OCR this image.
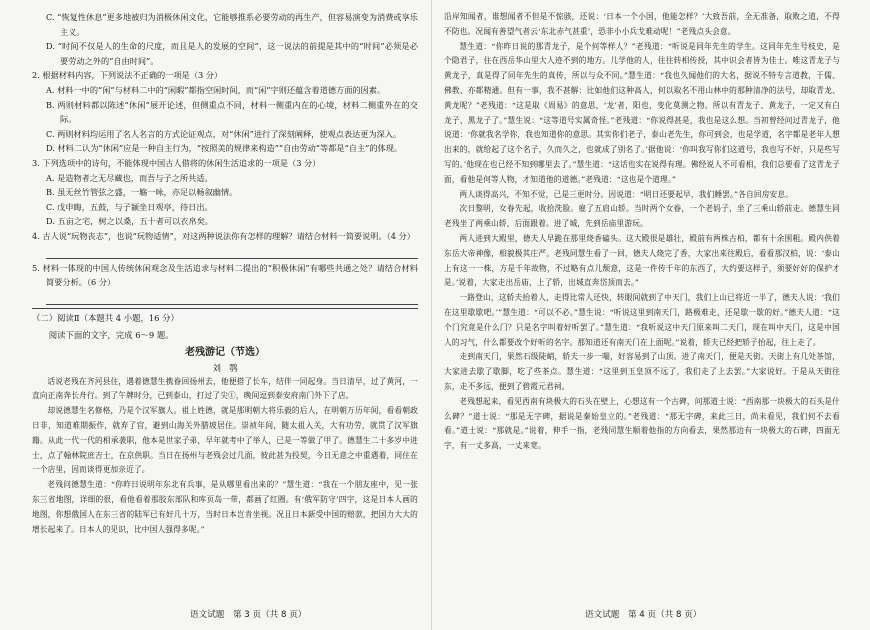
C. “恢复性休息”更多地被归为消极休闲文化，它能够推系必要劳动的再生产，但容易演变为消费或享乐主义。

D. “时间不仅是人的生命的尺度，而且是人的发展的空间”，这一说法的前提是其中的“时间”必须是必要劳动之外的“自由时间”。

2. 根据材料内容，下列说法不正确的一项是（3 分）

A. 材料一中的“闲”与材料二中的“闲暇”都指空闲时间，而“闲”字则还蕴含着道德方面的因素。

B. 两则材料都以陈述“休闲”展开论述，但侧重点不同，材料一侧重内在的心境，材料二侧重外在的交际。

C. 两则材料均运用了名人名言的方式论证观点，对“休闲”进行了深刻阐释，使观点表达更为深入。

D. 材料二认为“休闲”应是一种自主行为，“按照美的规律来构造”“自由劳动”等都是“自主”的体现。

3. 下列选项中的诗句，不能体现中国古人借将的休闲生活追求的一项是（3 分）

A. 是造物者之无尽藏也，而吾与子之所共适。

B. 虽无丝竹管弦之盛，一觞一咏，亦足以畅叙幽情。

C. 戊申晦，五鼓，与子颍坐日观亭，待日出。

D. 五亩之宅，树之以桑，五十者可以衣帛矣。

4. 古人说“玩物丧志”，也说“玩物适情”，对这两种说法你有怎样的理解？请结合材料一简要说明。（4 分）

5. 材料一体现的中国人传统休闲观念及生活追求与材料二提出的“积极休闲”有哪些共通之处？请结合材料简要分析。（6 分）

（二）阅读Ⅱ（本题共 4 小题，16 分）

阅读下面的文字，完成 6～9 题。

老残游记（节选）

刘　鹗

话说老残在齐河县住，遇着德慧生携眷回扬州去，他便搭了长车，结伴一同起身。当日清早，过了黄河，一直向正南奔长舟行。到了午牌时分，已到泰山，打过了尖①，晚间逗到泰安府南门外下了店。

却说德慧生名修格，乃是个汉军旗人。祖上姓德，就是那明朝大将乐毅的后人，在明朝万历年间，看看朝政日非，知道难期振作，就弃了官，避到山海关外腊坡居住。崇祯年间，随太祖入关，大有功劳，就贯了汉军旗籍。从此一代一代的相承袭职，他本是世家子弟，早年就考中了举人，已是一等做了甲了。德慧生二十多岁中进士，点了翰林院庶吉士，在京供职。当日在扬州与老残会过几面，彼此甚为投契，今日无意之中重遇着，同住在一个店里，因而谈得更加亲近了。

老残问德慧生道：“你昨日说明年东北有兵事，是从哪里看出来的？”慧生道：“我在一个朋友座中，见一张东三省地图，详细的很，看他看着那胶东部队和库页岛一带，都画了红圈。有‘俄军防守’四字，这是日本人画的地图，你想俄国人在东三省的陆军已有好几十万，当时日本岂肯坐视。况且日本新受中国的赔款，把国力大大的增长起来了。日本人的见识，比中国人强得多呢。”

沿岸知闻者，谁想闻者不但是不惊骇，还说：‘日本一个小国，他能怎样？’大致吾前，全无准备，取败之道，不得不防也。况闻有善望气者云‘东北赤气甚重’，恐非小小兵戈难动呢！”老残点头会意。

慧生道：“你昨日说的那青龙子，是个何等样人？”老残道：“听说是同年先生的学生。这同年先生号枝史，是个隐君子，住在西岳华山里大人迹不到的地方。儿学他的人，往往转相传授，其中识会者皆为佳士。唯这青龙子与黄龙子，真是得了同年先生的真传，所以与众不同。”慧生道：“我也久闻他们的大名，据说不特专言道教，于儒、佛教、亦都精通。但有一事，我不甚解：比如他们这种高人，何以取名不用山林中的那种清净的法号，却取青龙、黄龙呢？”老残道：“这是取《周易》的意思，‘龙’者，阳也，变化莫测之物。所以有青龙子、黄龙子，一定又有白龙子、黑龙子了。”慧生说：“这等道号实属奇怪。”老残道：“你说得甚是，我也是这么想。当初曾经问过青龙子，他说道：‘你就我名学你，我也知道你的意思。其实你们老子，泰山老先生，你可到会，也是学道，名字都是老年人想出来的，就给起了这个名子，久而久之，也就成了别名了。’据他说：‘你叫我写你们这道号，我也写不好，只是些写写的。’他现在也已经不知到哪里去了。”慧生道：“这话也实在说得有理。佛经说人不可看相，我们总要看了这青龙子面，看他是何等人物，才知道他的道德。”老残道：“这也是个道理。”

两人谈得高兴，不知不觉，已是三更时分。因说道：“明日还要起早，我们睡罢。”各自回房安息。

次日黎明，女眷先起，收拾洗脸。雇了五肩山轿。当时两个女眷，一个老妈子，坐了三乘山轿前走。德慧生同老残坐了两乘山轿，后面跟着。进了城，先到岳庙里游玩。

两人进到大殿里，德夫人早跪在那里烧香磕头。这大殿很是雄壮，殿前有两株古柏，都有十余围粗。殿内供着东岳大帝神像，相貌极其庄严。老残同慧生看了一回，德夫人烧完了香，大家出来往殿后，看看那汉柏，说：‘泰山上有这一一株，方是千年故物，不过略有点儿颓意，这是一件传千年的东西了，大约要这样子，须要好好的保护才是。’说着，大家走出岳庙，上了轿，出城直奔岱顶而去。”

一路登山，这轿夫抬着人，走得比常人还快，转眼间就到了中天门，我们上山已将近一半了，德夫人说：‘我们在这里歇歇吧。’”慧生道：“可以不必。”慧生说：“听说这里到南天门，路极难走，还是歇一歇的好。”德夫人道：“这个门究竟是什么门？只是名字叫着好听罢了。”慧生道：“我听说这中天门原来叫二天门，现在叫中天门，这是中国人的习气，什么都要改个好听的名字。那知道还有南天门在上面呢。”说着，轿夫已经把轿子抬起，往上走了。

走到南天门，果然石级陡峭，轿夫一步一喘，好容易到了山顶。进了南天门，便是天街。天街上有几处茶馆，大家进去歇了歇脚，吃了些茶点。慧生道：“这里到玉皇顶不远了，我们走了上去罢。”大家说好。于是从天街往东，走不多远，便到了碧霞元君祠。

老残想起来，看见西南有块极大的石头在壁上，心想这有一个古碑，问那道士说：“西南那一块极大的石头是什么碑？”道士说：“那是无字碑，据说是秦始皇立的。”老残道：“那无字碑，来此三日，尚未看见，我们何不去看看。”道士说：“那就是。”说着，伸手一指，老残同慧生顺着他指的方向看去，果然那边有一块极大的石碑，四面无字，有一丈多高，一丈来宽。

语文试题　第 3 页（共 8 页）	语文试题　第 4 页（共 8 页）
